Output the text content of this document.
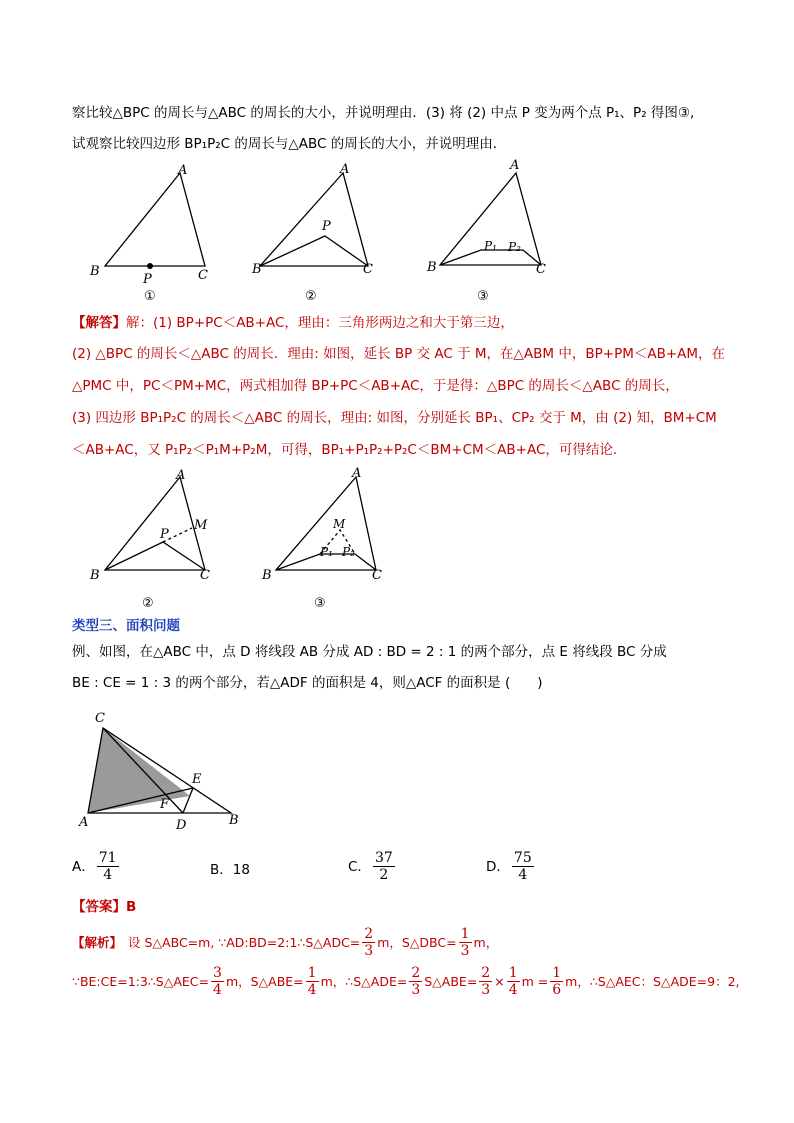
察比较△BPC 的周长与△ABC 的周长的大小，并说明理由．(3) 将 (2) 中点 P 变为两个点 P₁、P₂ 得图③,
试观察比较四边形 BP₁P₂C 的周长与△ABC 的周长的大小，并说明理由．
A
B	C
P
①
A
B	C
P
②
A
B	C
P₁ P₂
③
【解答】解：(1) BP+PC＜AB+AC，理由：三角形两边之和大于第三边，
(2) △BPC 的周长＜△ABC 的周长．理由: 如图，延长 BP 交 AC 于 M，在△ABM 中，BP+PM＜AB+AM，在
△PMC 中，PC＜PM+MC，两式相加得 BP+PC＜AB+AC，于是得：△BPC 的周长＜△ABC 的周长，
(3) 四边形 BP₁P₂C 的周长＜△ABC 的周长，理由: 如图，分别延长 BP₁、CP₂ 交于 M，由 (2) 知，BM+CM
＜AB+AC，又 P₁P₂＜P₁M+P₂M，可得，BP₁+P₁P₂+P₂C＜BM+CM＜AB+AC，可得结论．
A
B	C
P
M
②
A
B	C
M
P₁ P₂
③
类型三、面积问题
例、如图，在△ABC 中，点 D 将线段 AB 分成 AD : BD = 2 : 1 的两个部分，点 E 将线段 BC 分成
BE : CE = 1 : 3 的两个部分，若△ADF 的面积是 4，则△ACF 的面积是 (　　)
C
A	B
D
E
F
A． $\frac{71}{4}$	B．18	C． $\frac{37}{2}$	D． $\frac{75}{4}$
【答案】B
【解析】 设 S△ABC=m, ∵AD:BD=2:1∴S△ADC= $\frac{2}{3}$ m，S△DBC= $\frac{1}{3}$ m，
∵BE:CE=1:3∴S△AEC= $\frac{3}{4}$ m，S△ABE= $\frac{1}{4}$ m，∴S△ADE= $\frac{2}{3}$ S△ABE= $\frac{2}{3} \times \frac{1}{4}$ $m = \frac{1}{6}$ m，∴S△AEC：S△ADE=9：2,
